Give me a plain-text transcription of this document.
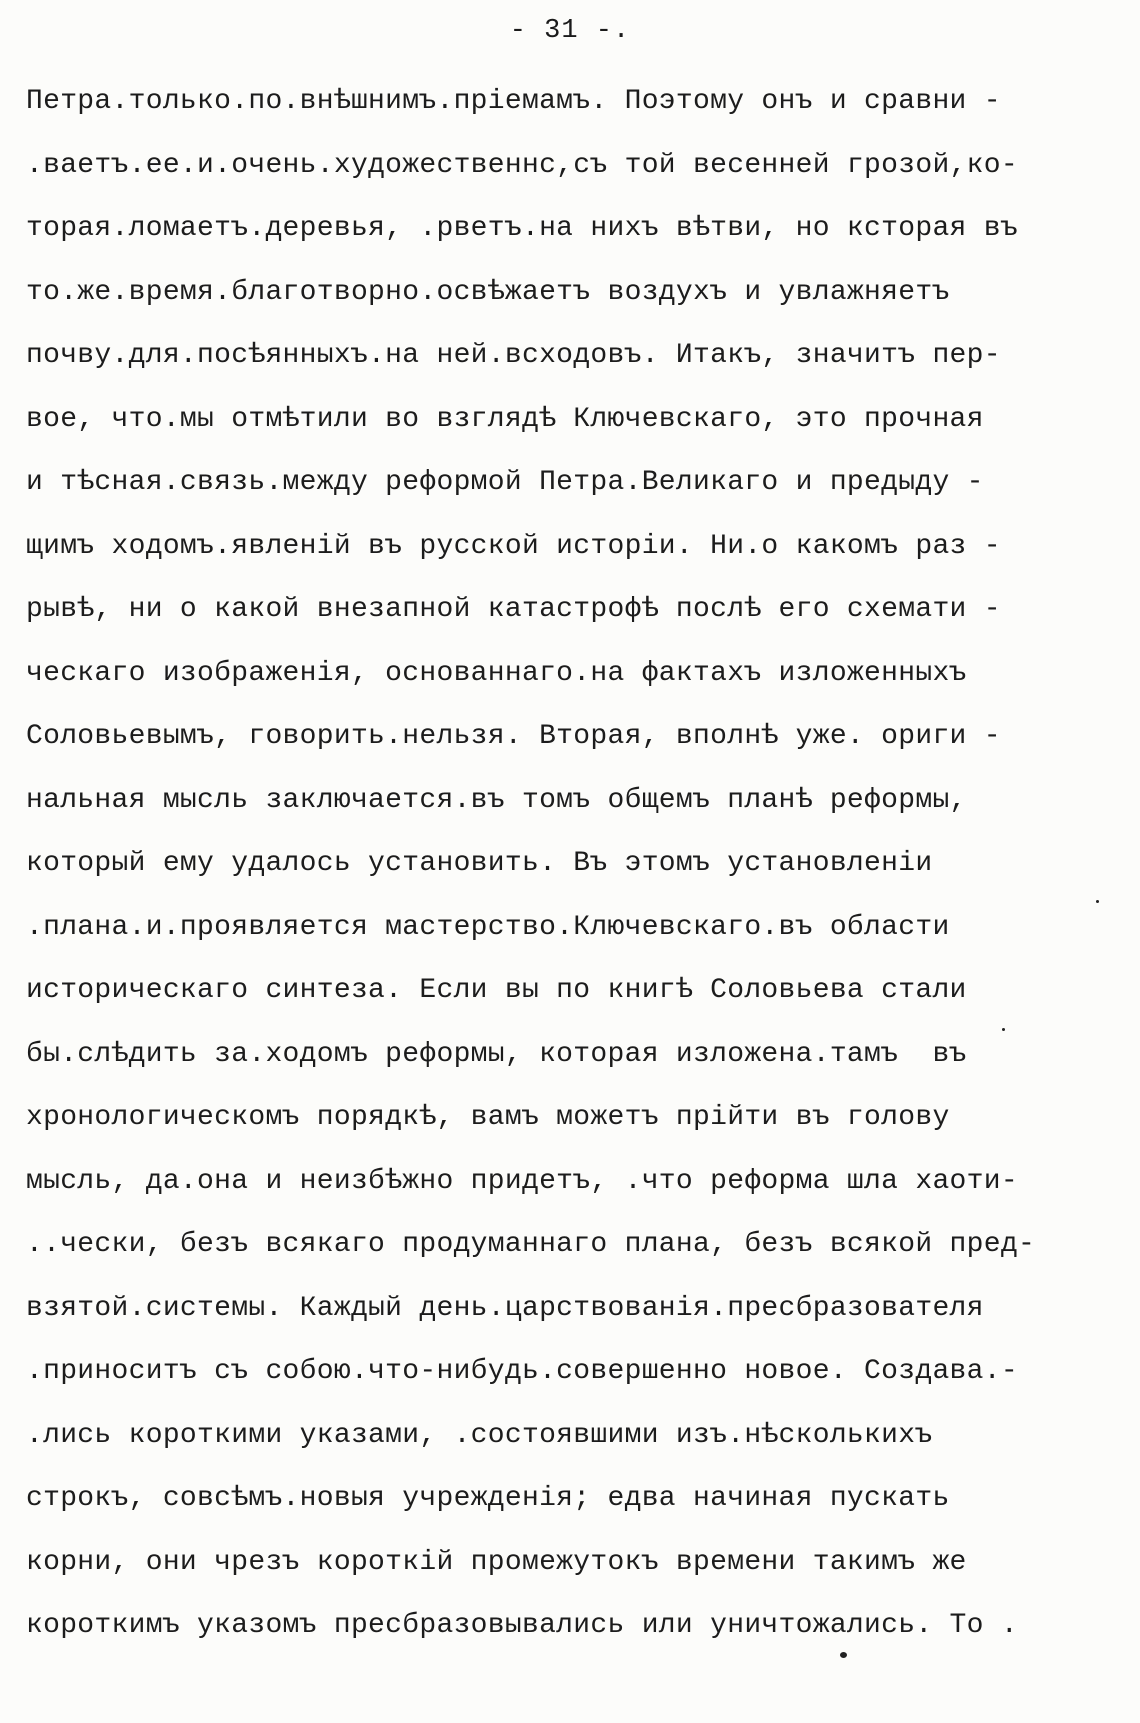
- 31 -.
Петра.только.по.внѣшнимъ.пріемамъ. Поэтому онъ и сравни -
.ваетъ.ее.и.очень.художественнс,съ той весенней грозой,ко-
торая.ломаетъ.деревья, .рветъ.на нихъ вѣтви, но ксторая въ
то.же.время.благотворно.освѣжаетъ воздухъ и увлажняетъ
почву.для.посѣянныхъ.на ней.всходовъ. Итакъ, значитъ пер-
вое, что.мы отмѣтили во взглядѣ Ключевскаго, это прочная
и тѣсная.связь.между реформой Петра.Великаго и предыду -
щимъ ходомъ.явленій въ русской исторіи. Ни.о какомъ раз -
рывѣ, ни о какой внезапной катастрофѣ послѣ его схемати -
ческаго изображенія, основаннаго.на фактахъ изложенныхъ
Соловьевымъ, говорить.нельзя. Вторая, вполнѣ уже. ориги -
нальная мысль заключается.въ томъ общемъ планѣ реформы,
который ему удалось установить. Въ этомъ установленіи
.плана.и.проявляется мастерство.Ключевскаго.въ области
историческаго синтеза. Если вы по книгѣ Соловьева стали
бы.слѣдить за.ходомъ реформы, которая изложена.тамъ  въ
хронологическомъ порядкѣ, вамъ можетъ прійти въ голову
мысль, да.она и неизбѣжно придетъ, .что реформа шла хаоти-
..чески, безъ всякаго продуманнаго плана, безъ всякой пред-
взятой.системы. Каждый день.царствованія.пресбразователя
.приноситъ съ собою.что-нибудь.совершенно новое. Создава.-
.лись короткими указами, .состоявшими изъ.нѣсколькихъ
строкъ, совсѣмъ.новыя учрежденія; едва начиная пускать
корни, они чрезъ короткій промежутокъ времени такимъ же
короткимъ указомъ пресбразовывались или уничтожались. То .
